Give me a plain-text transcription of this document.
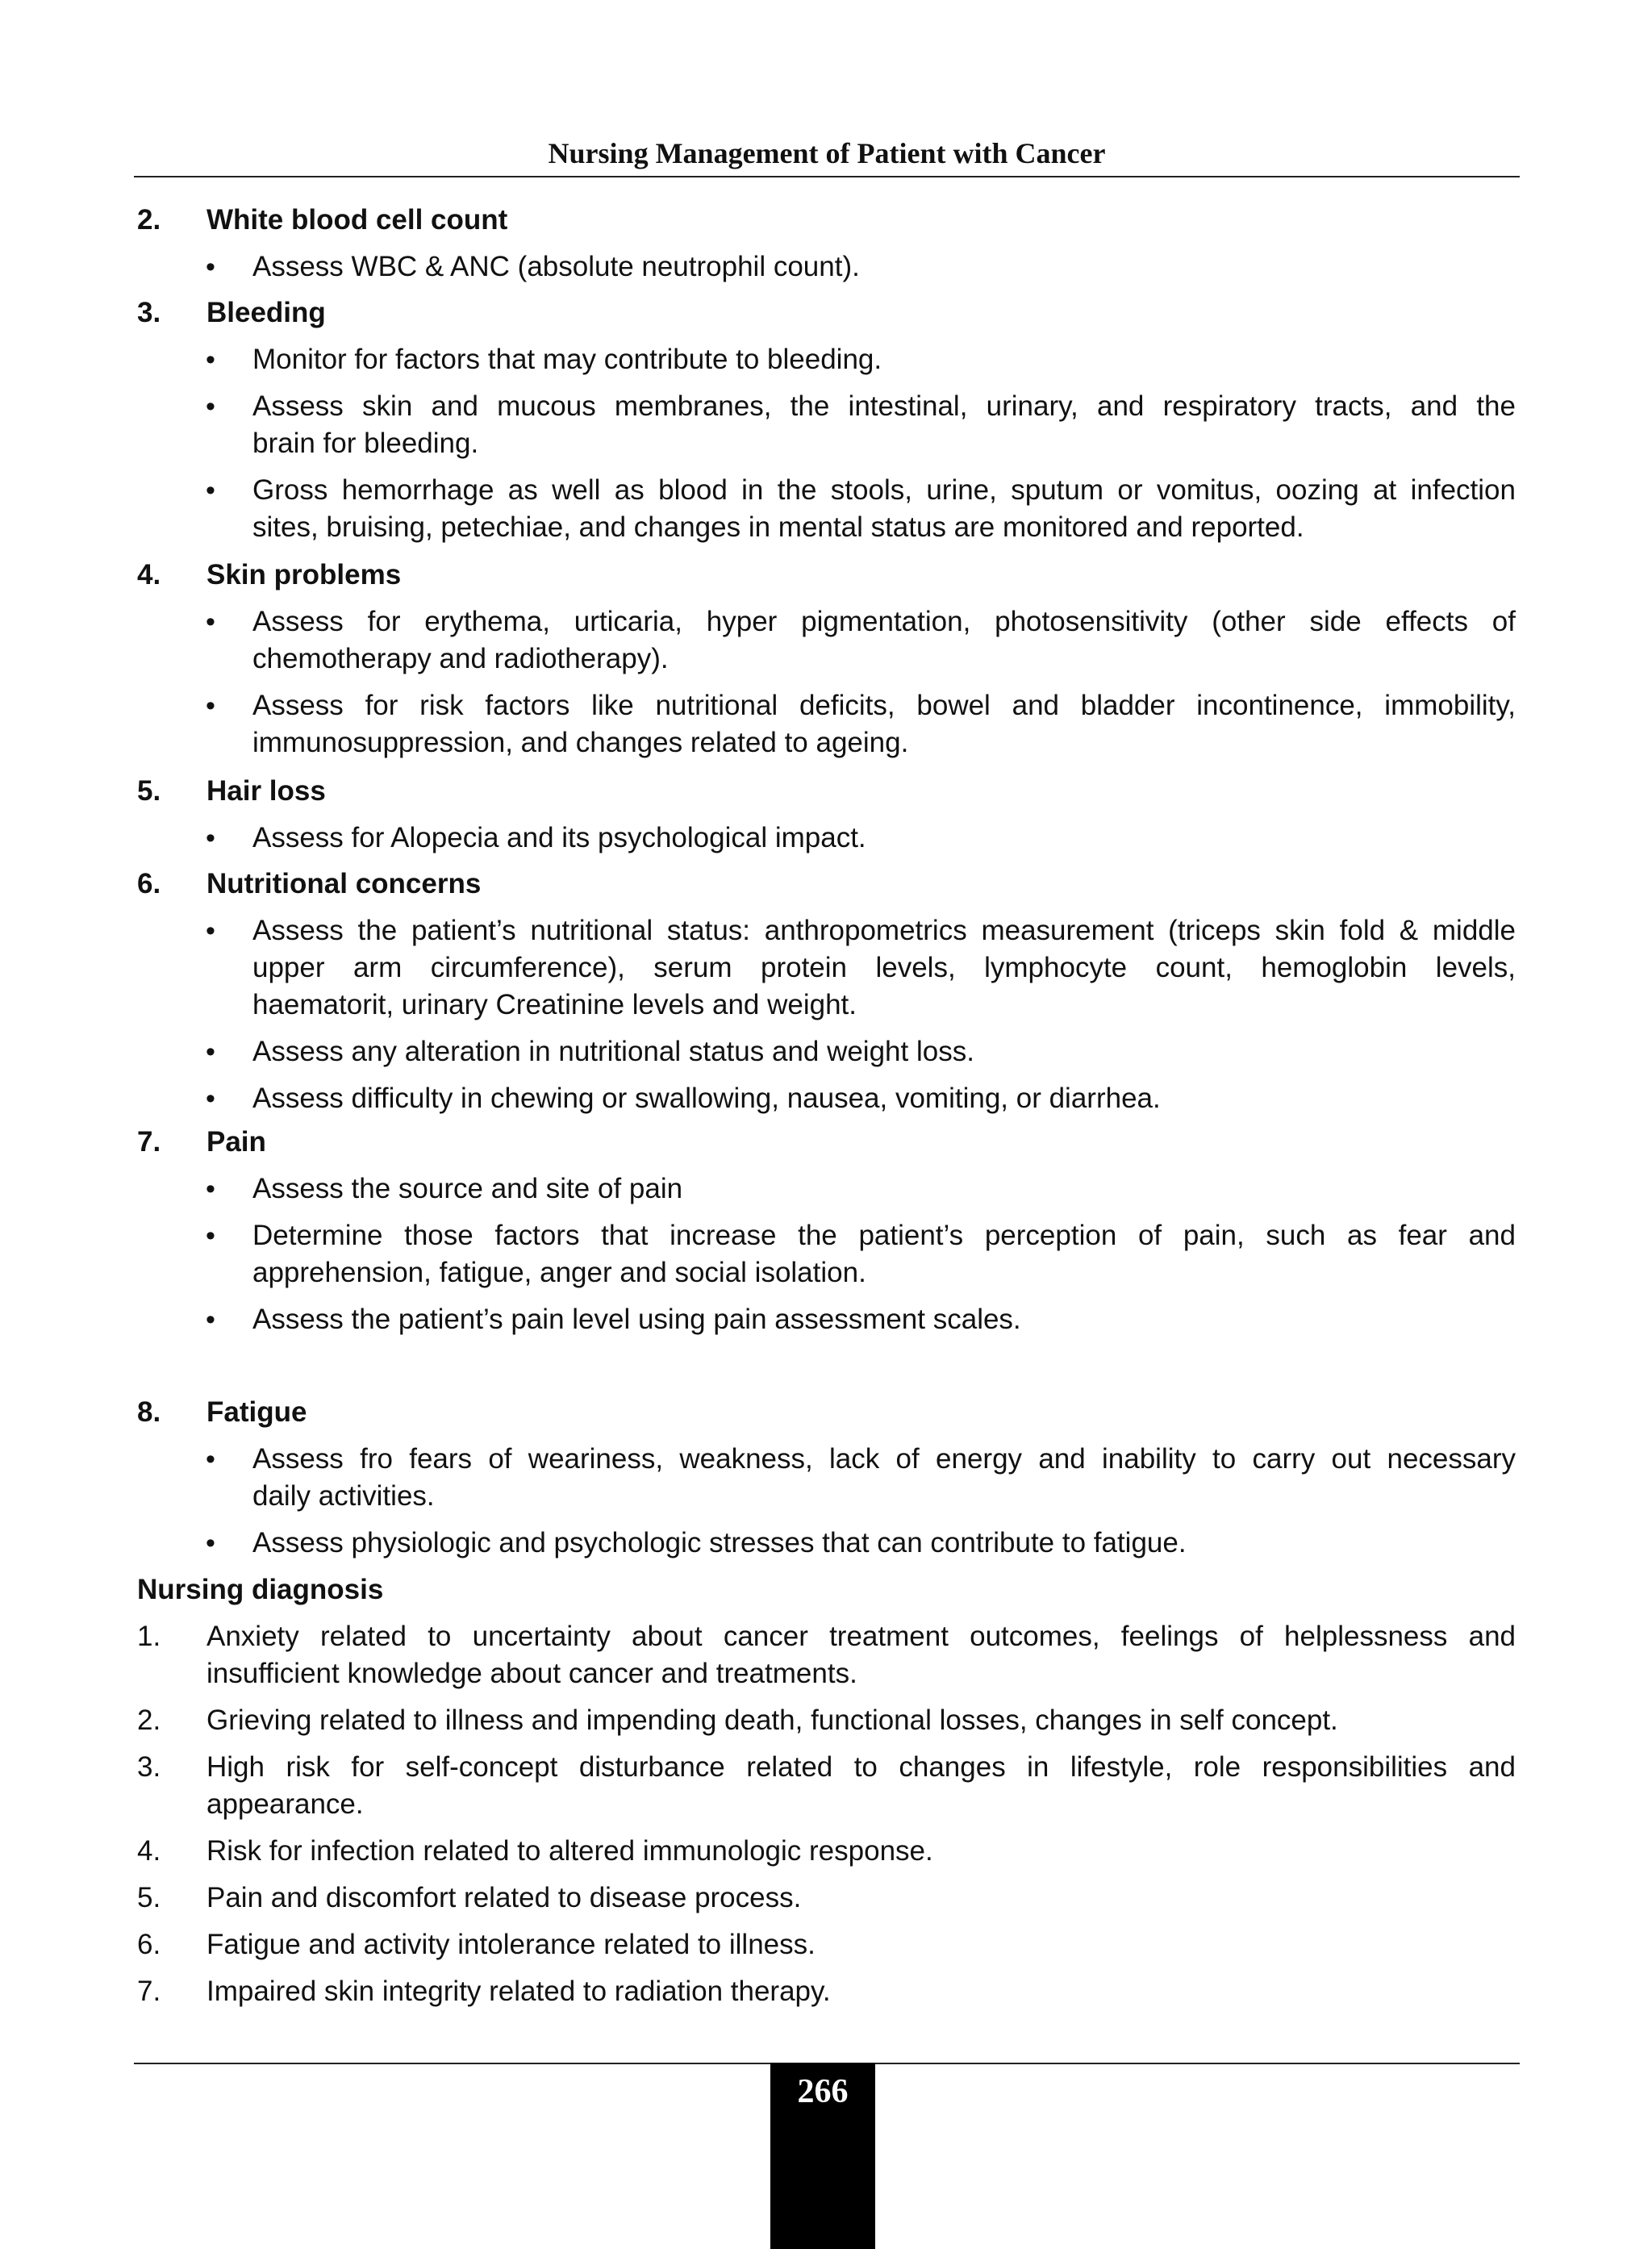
Nursing Management of Patient with Cancer
2. White blood cell count
• Assess WBC & ANC (absolute neutrophil count).
3. Bleeding
• Monitor for factors that may contribute to bleeding.
• Assess skin and mucous membranes, the intestinal, urinary, and respiratory tracts, and the
brain for bleeding.
• Gross hemorrhage as well as blood in the stools, urine, sputum or vomitus, oozing at infection
sites, bruising, petechiae, and changes in mental status are monitored and reported.
4. Skin problems
• Assess for erythema, urticaria, hyper pigmentation, photosensitivity (other side effects of
chemotherapy and radiotherapy).
• Assess for risk factors like nutritional deficits, bowel and bladder incontinence, immobility,
immunosuppression, and changes related to ageing.
5. Hair loss
• Assess for Alopecia and its psychological impact.
6. Nutritional concerns
• Assess the patient’s nutritional status: anthropometrics measurement (triceps skin fold & middle
upper arm circumference), serum protein levels, lymphocyte count, hemoglobin levels,
haematorit, urinary Creatinine levels and weight.
• Assess any alteration in nutritional status and weight loss.
• Assess difficulty in chewing or swallowing, nausea, vomiting, or diarrhea.
7. Pain
• Assess the source and site of pain
• Determine those factors that increase the patient’s perception of pain, such as fear and
apprehension, fatigue, anger and social isolation.
• Assess the patient’s pain level using pain assessment scales.
8. Fatigue
• Assess fro fears of weariness, weakness, lack of energy and inability to carry out necessary
daily activities.
• Assess physiologic and psychologic stresses that can contribute to fatigue.
Nursing diagnosis
1. Anxiety related to uncertainty about cancer treatment outcomes, feelings of helplessness and
insufficient knowledge about cancer and treatments.
2. Grieving related to illness and impending death, functional losses, changes in self concept.
3. High risk for self-concept disturbance related to changes in lifestyle, role responsibilities and
appearance.
4. Risk for infection related to altered immunologic response.
5. Pain and discomfort related to disease process.
6. Fatigue and activity intolerance related to illness.
7. Impaired skin integrity related to radiation therapy.
266
